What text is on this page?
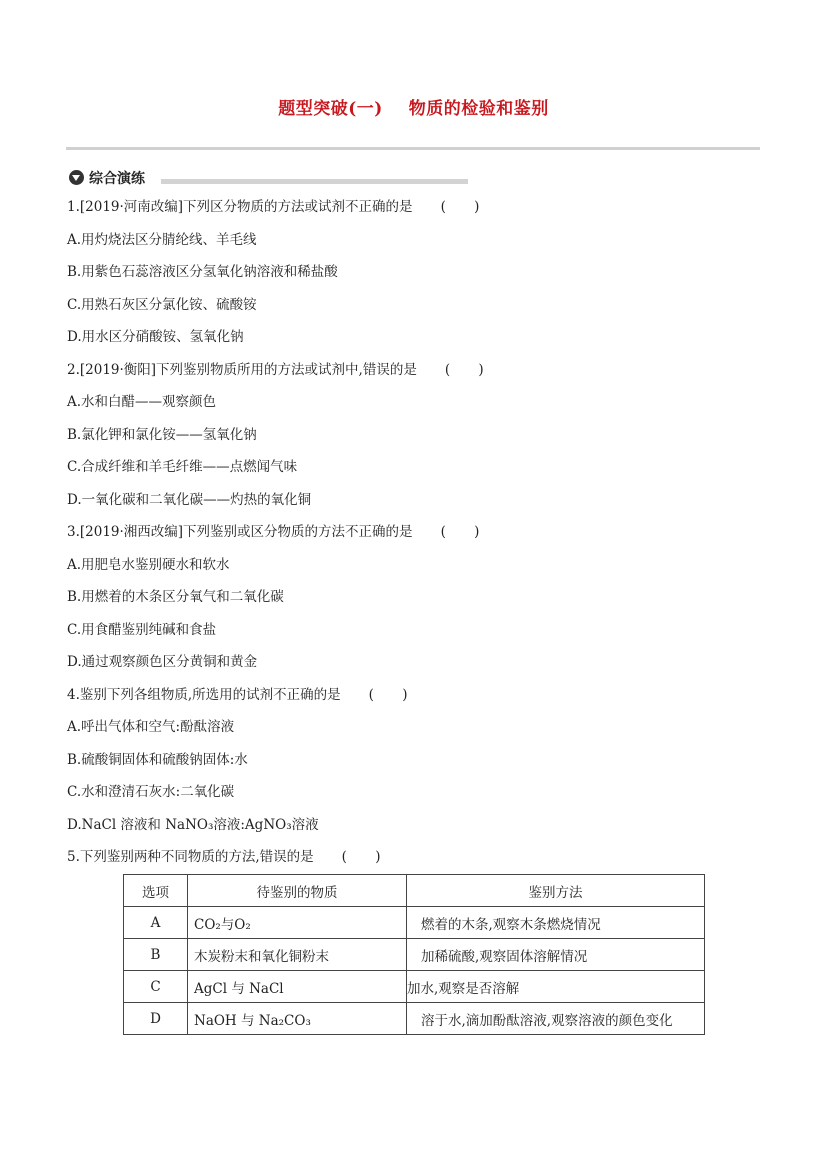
题型突破(一) 物质的检验和鉴别
综合演练
1.[2019·河南改编]下列区分物质的方法或试剂不正确的是 ( )
A.用灼烧法区分腈纶线、羊毛线
B.用紫色石蕊溶液区分氢氧化钠溶液和稀盐酸
C.用熟石灰区分氯化铵、硫酸铵
D.用水区分硝酸铵、氢氧化钠
2.[2019·衡阳]下列鉴别物质所用的方法或试剂中,错误的是 ( )
A.水和白醋——观察颜色
B.氯化钾和氯化铵——氢氧化钠
C.合成纤维和羊毛纤维——点燃闻气味
D.一氧化碳和二氧化碳——灼热的氧化铜
3.[2019·湘西改编]下列鉴别或区分物质的方法不正确的是 ( )
A.用肥皂水鉴别硬水和软水
B.用燃着的木条区分氧气和二氧化碳
C.用食醋鉴别纯碱和食盐
D.通过观察颜色区分黄铜和黄金
4.鉴别下列各组物质,所选用的试剂不正确的是 ( )
A.呼出气体和空气:酚酞溶液
B.硫酸铜固体和硫酸钠固体:水
C.水和澄清石灰水:二氧化碳
D.NaCl 溶液和 NaNO₃溶液:AgNO₃溶液
5.下列鉴别两种不同物质的方法,错误的是 ( )
选项	待鉴别的物质	鉴别方法
A	CO₂与O₂	燃着的木条,观察木条燃烧情况
B	木炭粉末和氧化铜粉末	加稀硫酸,观察固体溶解情况
C	AgCl 与 NaCl	加水,观察是否溶解
D	NaOH 与 Na₂CO₃	溶于水,滴加酚酞溶液,观察溶液的颜色变化
